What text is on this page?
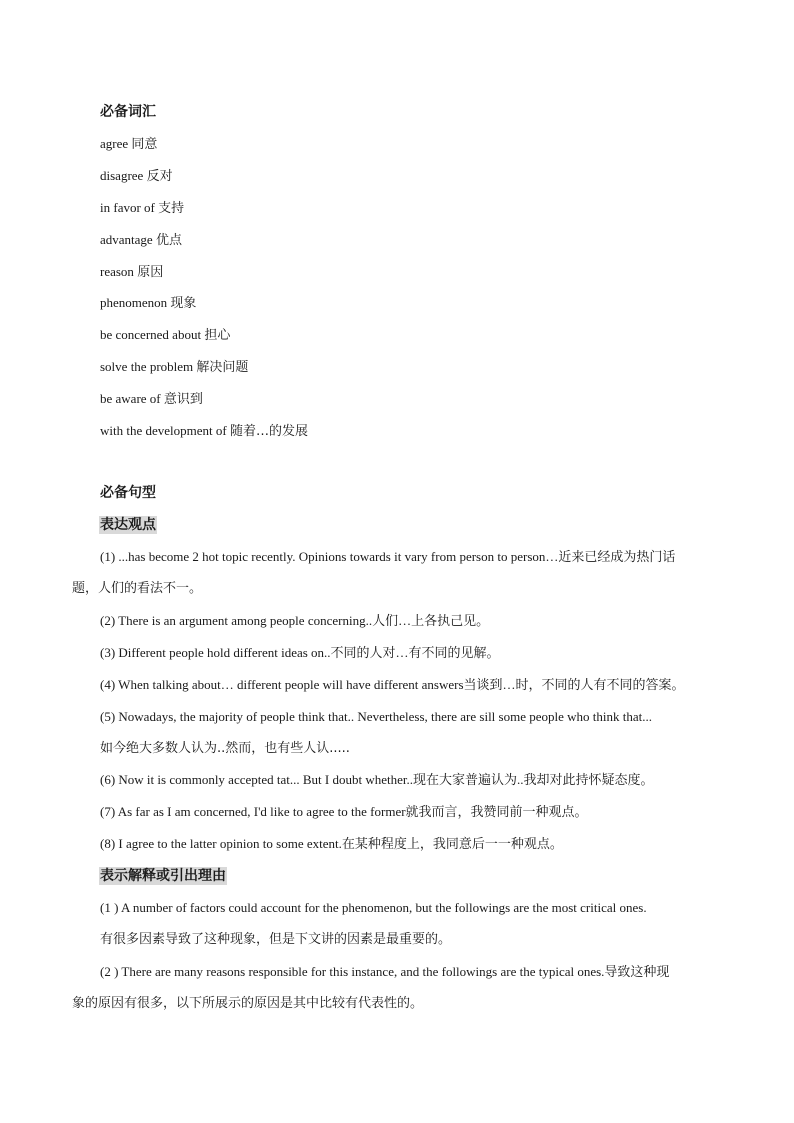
必备词汇
agree 同意
disagree 反对
in favor of 支持
advantage 优点
reason 原因
phenomenon 现象
be concerned about 担心
solve the problem 解决问题
be aware of 意识到
with the development of 随着…的发展
必备句型
表达观点
(1) ...has become 2 hot topic recently. Opinions towards it vary from person to person…近来已经成为热门话
题，人们的看法不一。
(2) There is an argument among people concerning..人们…上各执己见。
(3) Different people hold different ideas on..不同的人对…有不同的见解。
(4) When talking about… different people will have different answers当谈到…时，不同的人有不同的答案。
(5) Nowadays, the majority of people think that.. Nevertheless, there are sill some people who think that...
如今绝大多数人认为..然而，也有些人认.....
(6) Now it is commonly accepted tat... But I doubt whether..现在大家普遍认为..我却对此持怀疑态度。
(7) As far as I am concerned, I'd like to agree to the former就我而言，我赞同前一种观点。
(8) I agree to the latter opinion to some extent.在某种程度上，我同意后一一种观点。
表示解释或引出理由
(1 ) A number of factors could account for the phenomenon, but the followings are the most critical ones.
有很多因素导致了这种现象，但是下文讲的因素是最重要的。
(2 ) There are many reasons responsible for this instance, and the followings are the typical ones.导致这种现
象的原因有很多，以下所展示的原因是其中比较有代表性的。
